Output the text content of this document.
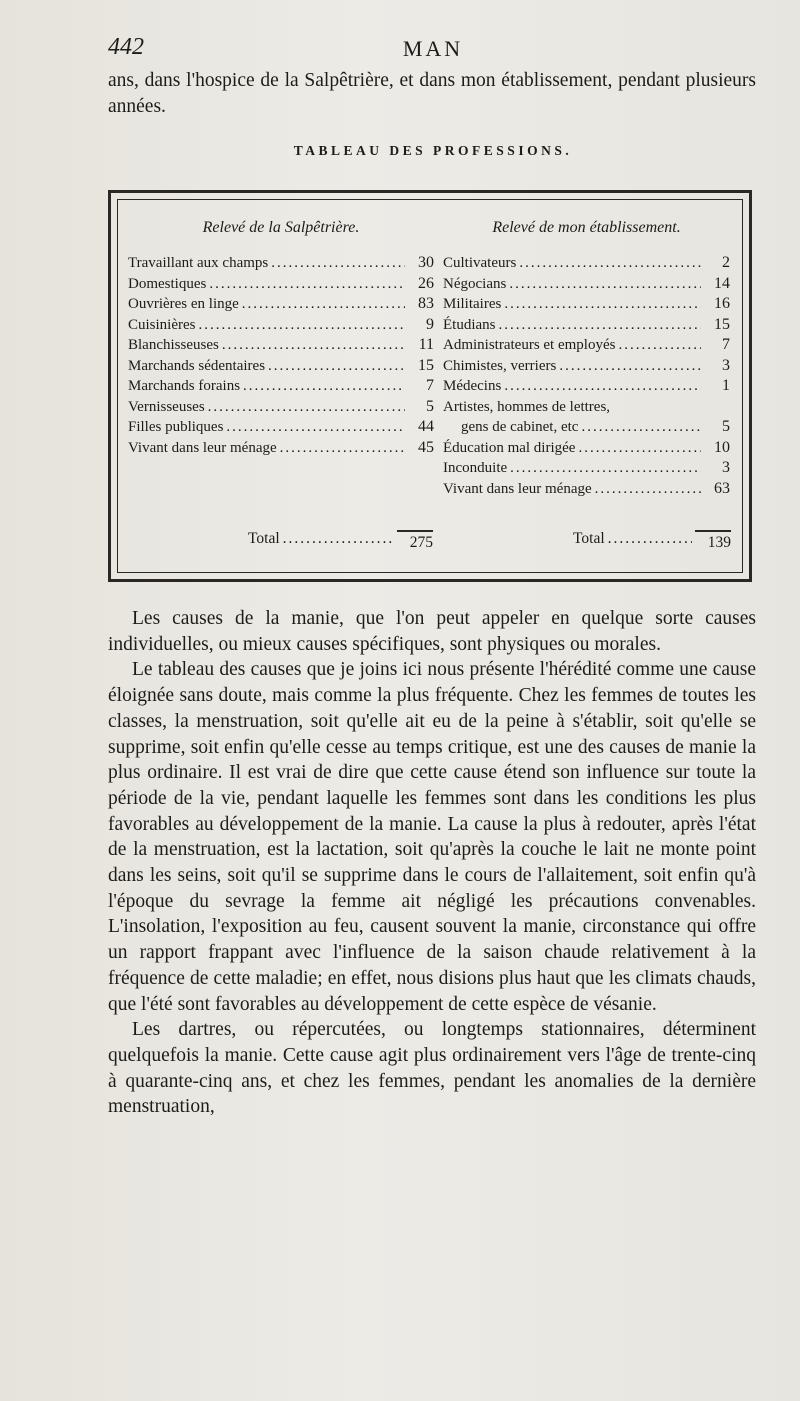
442	MAN

ans, dans l'hospice de la Salpêtrière, et dans mon établissement, pendant plusieurs années.

TABLEAU DES PROFESSIONS.
Relevé de la Salpêtrière.
Travaillant aux champs .....	30
Domestiques .....	26
Ouvrières en linge .....	83
Cuisinières .....	9
Blanchisseuses .....	11
Marchands sédentaires .....	15
Marchands forains .....	7
Vernisseuses .....	5
Filles publiques .....	44
Vivant dans leur ménage .....	45
Relevé de mon établissement.
Cultivateurs .....	2
Négocians .....	14
Militaires .....	16
Étudians .....	15
Administrateurs et employés .....	7
Chimistes, verriers .....	3
Médecins .....	1
Artistes, hommes de lettres,
gens de cabinet, etc .....	5
Éducation mal dirigée .....	10
Inconduite .....	3
Vivant dans leur ménage .....	63
Total .....	275	Total .....	139

Les causes de la manie, que l'on peut appeler en quelque sorte causes individuelles, ou mieux causes spécifiques, sont physiques ou morales.

Le tableau des causes que je joins ici nous présente l'hérédité comme une cause éloignée sans doute, mais comme la plus fréquente. Chez les femmes de toutes les classes, la menstruation, soit qu'elle ait eu de la peine à s'établir, soit qu'elle se supprime, soit enfin qu'elle cesse au temps critique, est une des causes de manie la plus ordinaire. Il est vrai de dire que cette cause étend son influence sur toute la période de la vie, pendant laquelle les femmes sont dans les conditions les plus favorables au développement de la manie. La cause la plus à redouter, après l'état de la menstruation, est la lactation, soit qu'après la couche le lait ne monte point dans les seins, soit qu'il se supprime dans le cours de l'allaitement, soit enfin qu'à l'époque du sevrage la femme ait négligé les précautions convenables. L'insolation, l'exposition au feu, causent souvent la manie, circonstance qui offre un rapport frappant avec l'influence de la saison chaude relativement à la fréquence de cette maladie; en effet, nous disions plus haut que les climats chauds, que l'été sont favorables au développement de cette espèce de vésanie.

Les dartres, ou répercutées, ou longtemps stationnaires, déterminent quelquefois la manie. Cette cause agit plus ordinairement vers l'âge de trente-cinq à quarante-cinq ans, et chez les femmes, pendant les anomalies de la dernière menstruation,
